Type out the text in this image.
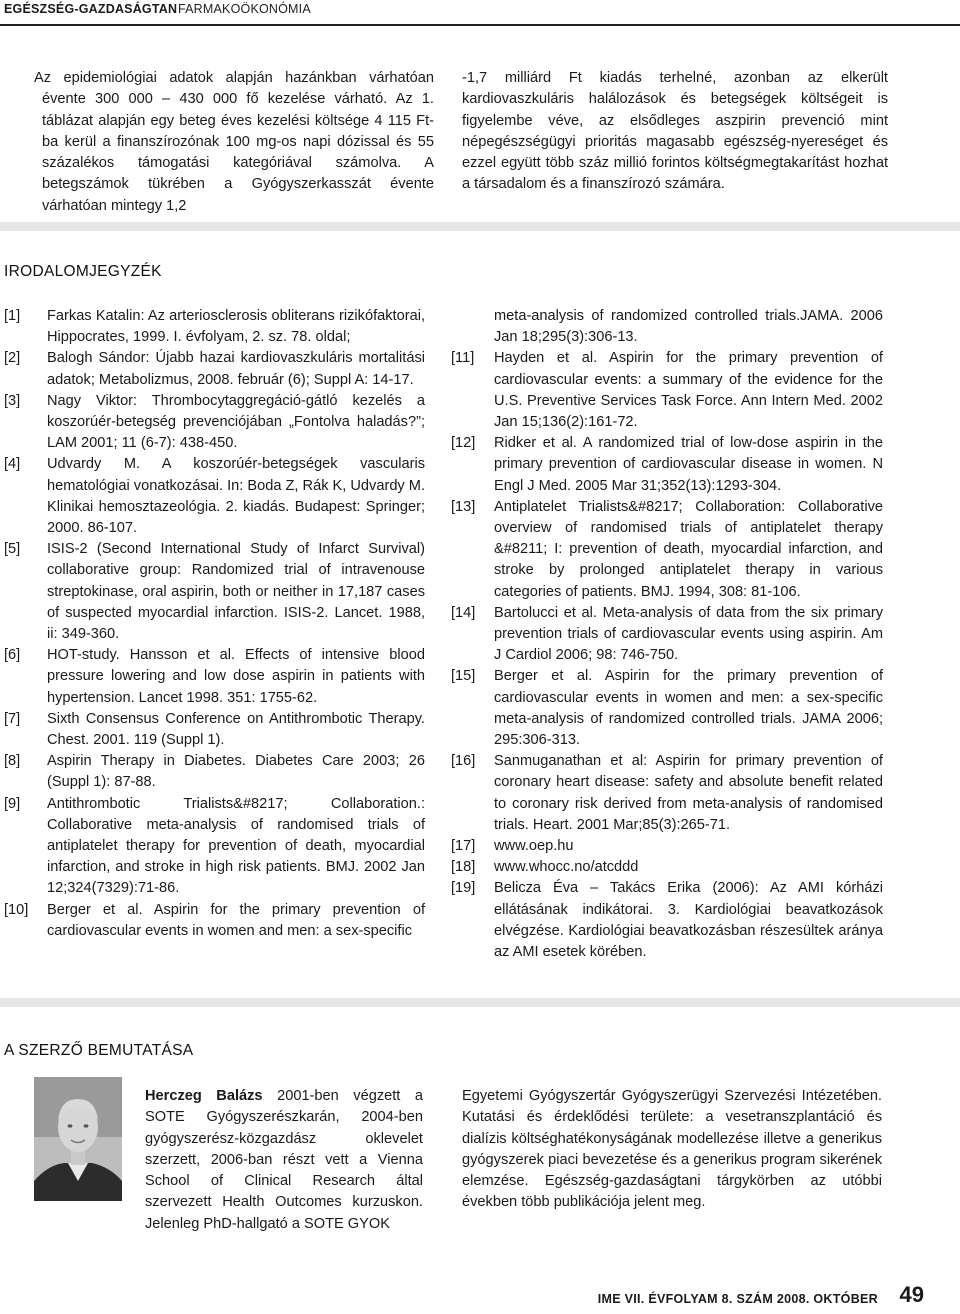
EGÉSZSÉG-GAZDASÁGTAN FARMAKOÖKONÓMIA

Az epidemiológiai adatok alapján hazánkban várhatóan évente 300 000 – 430 000 fő kezelése várható. Az 1. táblázat alapján egy beteg éves kezelési költsége 4 115 Ft-ba kerül a finanszírozónak 100 mg-os napi dózissal és 55 százalékos támogatási kategóriával számolva. A betegszámok tükrében a Gyógyszerkasszát évente várhatóan mintegy 1,2

-1,7 milliárd Ft kiadás terhelné, azonban az elkerült kardiovaszkuláris halálozások és betegségek költségeit is figyelembe véve, az elsődleges aszpirin prevenció mint népegészségügyi prioritás magasabb egészség-nyereséget és ezzel együtt több száz millió forintos költségmegtakarítást hozhat a társadalom és a finanszírozó számára.

IRODALOMJEGYZÉK
[1] Farkas Katalin: Az arteriosclerosis obliterans rizikófaktorai, Hippocrates, 1999. I. évfolyam, 2. sz. 78. oldal;
[2] Balogh Sándor: Újabb hazai kardiovaszkuláris mortalitási adatok; Metabolizmus, 2008. február (6); Suppl A: 14-17.
[3] Nagy Viktor: Thrombocytaggregáció-gátló kezelés a koszorúér-betegség prevenciójában „Fontolva haladás?”; LAM 2001; 11 (6-7): 438-450.
[4] Udvardy M. A koszorúér-betegségek vascularis hematológiai vonatkozásai. In: Boda Z, Rák K, Udvardy M. Klinikai hemosztazeológia. 2. kiadás. Budapest: Springer; 2000. 86-107.
[5] ISIS-2 (Second International Study of Infarct Survival) collaborative group: Randomized trial of intravenouse streptokinase, oral aspirin, both or neither in 17,187 cases of suspected myocardial infarction. ISIS-2. Lancet. 1988, ii: 349-360.
[6] HOT-study. Hansson et al. Effects of intensive blood pressure lowering and low dose aspirin in patients with hypertension. Lancet 1998. 351: 1755-62.
[7] Sixth Consensus Conference on Antithrombotic Therapy. Chest. 2001. 119 (Suppl 1).
[8] Aspirin Therapy in Diabetes. Diabetes Care 2003; 26 (Suppl 1): 87-88.
[9] Antithrombotic Trialists&#8217; Collaboration.: Collaborative meta-analysis of randomised trials of antiplatelet therapy for prevention of death, myocardial infarction, and stroke in high risk patients. BMJ. 2002 Jan 12;324(7329):71-86.
[10] Berger et al. Aspirin for the primary prevention of cardiovascular events in women and men: a sex-specific
meta-analysis of randomized controlled trials.JAMA. 2006 Jan 18;295(3):306-13.
[11] Hayden et al. Aspirin for the primary prevention of cardiovascular events: a summary of the evidence for the U.S. Preventive Services Task Force. Ann Intern Med. 2002 Jan 15;136(2):161-72.
[12] Ridker et al. A randomized trial of low-dose aspirin in the primary prevention of cardiovascular disease in women. N Engl J Med. 2005 Mar 31;352(13):1293-304.
[13] Antiplatelet Trialists&#8217; Collaboration: Collaborative overview of randomised trials of antiplatelet therapy &#8211; I: prevention of death, myocardial infarction, and stroke by prolonged antiplatelet therapy in various categories of patients. BMJ. 1994, 308: 81-106.
[14] Bartolucci et al. Meta-analysis of data from the six primary prevention trials of cardiovascular events using aspirin. Am J Cardiol 2006; 98: 746-750.
[15] Berger et al. Aspirin for the primary prevention of cardiovascular events in women and men: a sex-specific meta-analysis of randomized controlled trials. JAMA 2006; 295:306-313.
[16] Sanmuganathan et al: Aspirin for primary prevention of coronary heart disease: safety and absolute benefit related to coronary risk derived from meta-analysis of randomised trials. Heart. 2001 Mar;85(3):265-71.
[17] www.oep.hu
[18] www.whocc.no/atcddd
[19] Belicza Éva – Takács Erika (2006): Az AMI kórházi ellátásának indikátorai. 3. Kardiológiai beavatkozások elvégzése. Kardiológiai beavatkozásban részesültek aránya az AMI esetek körében.
A SZERZŐ BEMUTATÁSA

Herczeg Balázs 2001-ben végzett a SOTE Gyógyszerészkarán, 2004-ben gyógyszerész-közgazdász oklevelet szerzett, 2006-ban részt vett a Vienna School of Clinical Research által szervezett Health Outcomes kurzuskon. Jelenleg PhD-hallgató a SOTE GYOK

Egyetemi Gyógyszertár Gyógyszerügyi Szervezési Intézetében. Kutatási és érdeklődési területe: a vesetranszplantáció és dialízis költséghatékonyságának modellezése illetve a generikus gyógyszerek piaci bevezetése és a generikus program sikerének elemzése. Egészség-gazdaságtani tárgykörben az utóbbi években több publikációja jelent meg.

IME VII. ÉVFOLYAM 8. SZÁM 2008. OKTÓBER 49
